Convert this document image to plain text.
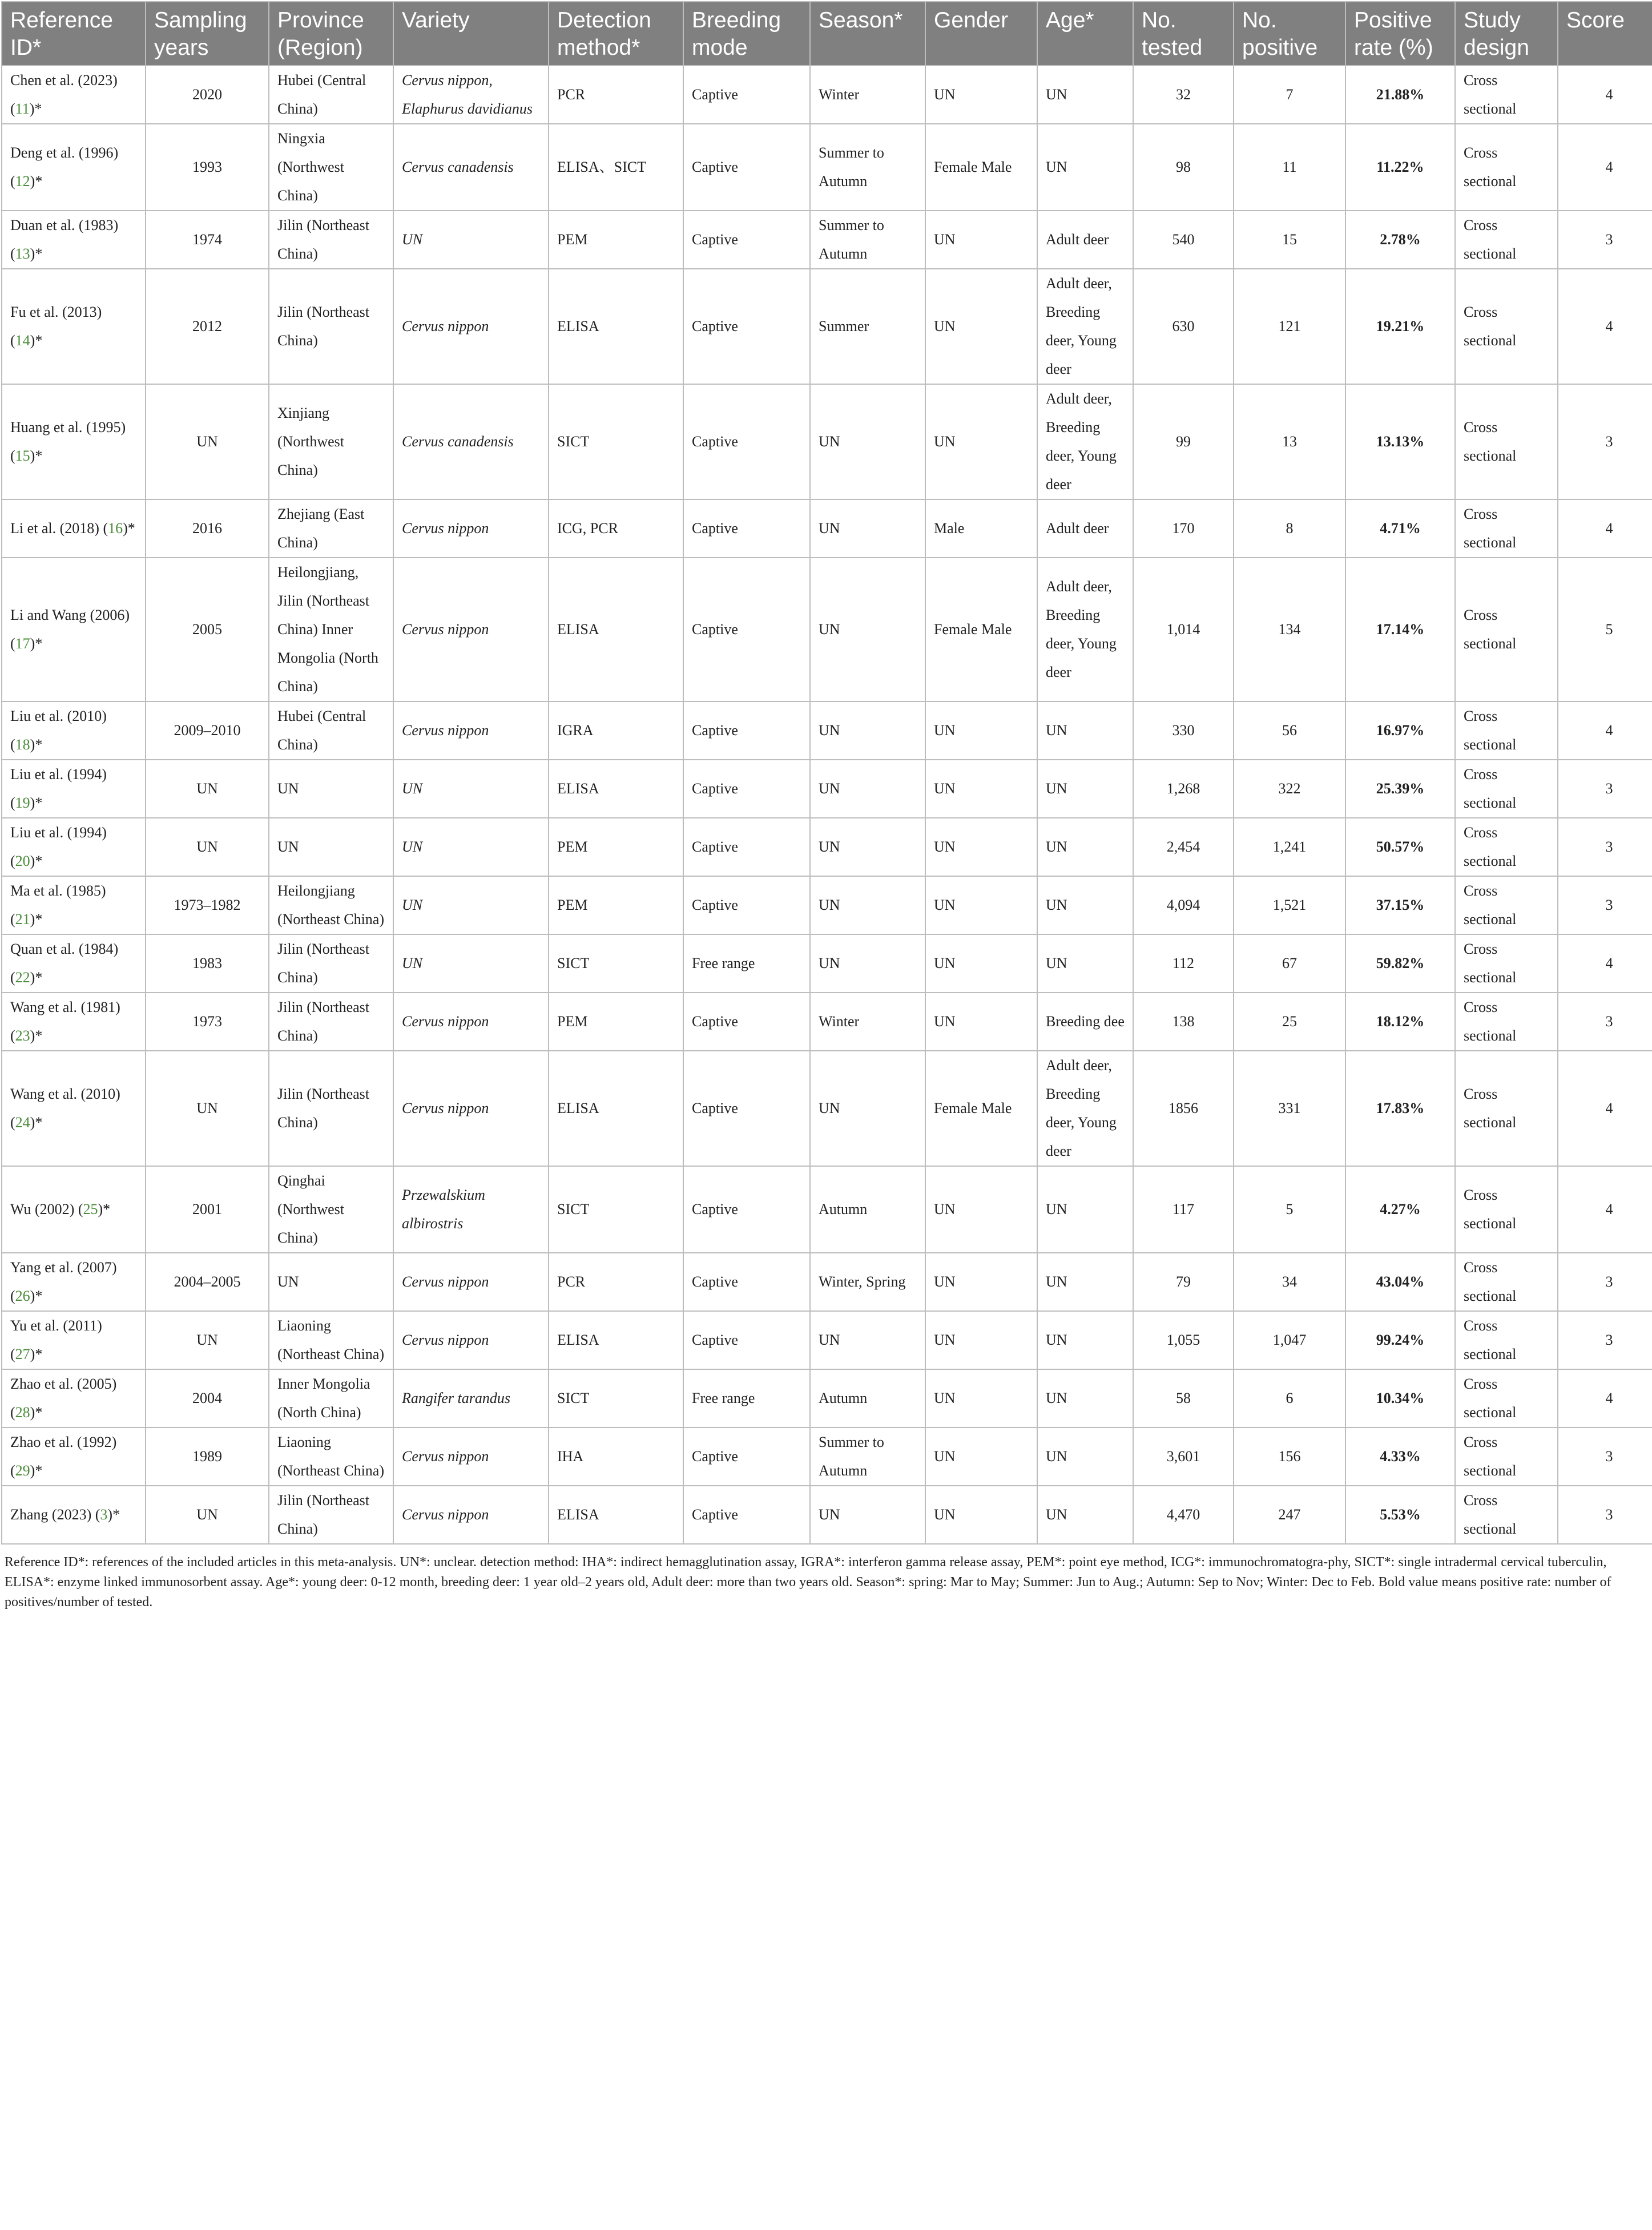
Reference ID*	Sampling years	Province (Region)	Variety	Detection method*	Breeding mode	Season*	Gender	Age*	No. tested	No. positive	Positive rate (%)	Study design	Score
Chen et al. (2023) (11)*	2020	Hubei (Central China)	Cervus nippon, Elaphurus davidianus	PCR	Captive	Winter	UN	UN	32	7	21.88%	Cross sectional	4
Deng et al. (1996) (12)*	1993	Ningxia (Northwest China)	Cervus canadensis	ELISA、SICT	Captive	Summer to Autumn	Female Male	UN	98	11	11.22%	Cross sectional	4
Duan et al. (1983) (13)*	1974	Jilin (Northeast China)	UN	PEM	Captive	Summer to Autumn	UN	Adult deer	540	15	2.78%	Cross sectional	3
Fu et al. (2013) (14)*	2012	Jilin (Northeast China)	Cervus nippon	ELISA	Captive	Summer	UN	Adult deer, Breeding deer, Young deer	630	121	19.21%	Cross sectional	4
Huang et al. (1995) (15)*	UN	Xinjiang (Northwest China)	Cervus canadensis	SICT	Captive	UN	UN	Adult deer, Breeding deer, Young deer	99	13	13.13%	Cross sectional	3
Li et al. (2018) (16)*	2016	Zhejiang (East China)	Cervus nippon	ICG, PCR	Captive	UN	Male	Adult deer	170	8	4.71%	Cross sectional	4
Li and Wang (2006) (17)*	2005	Heilongjiang, Jilin (Northeast China) Inner Mongolia (North China)	Cervus nippon	ELISA	Captive	UN	Female Male	Adult deer, Breeding deer, Young deer	1,014	134	17.14%	Cross sectional	5
Liu et al. (2010) (18)*	2009–2010	Hubei (Central China)	Cervus nippon	IGRA	Captive	UN	UN	UN	330	56	16.97%	Cross sectional	4
Liu et al. (1994) (19)*	UN	UN	UN	ELISA	Captive	UN	UN	UN	1,268	322	25.39%	Cross sectional	3
Liu et al. (1994) (20)*	UN	UN	UN	PEM	Captive	UN	UN	UN	2,454	1,241	50.57%	Cross sectional	3
Ma et al. (1985) (21)*	1973–1982	Heilongjiang (Northeast China)	UN	PEM	Captive	UN	UN	UN	4,094	1,521	37.15%	Cross sectional	3
Quan et al. (1984) (22)*	1983	Jilin (Northeast China)	UN	SICT	Free range	UN	UN	UN	112	67	59.82%	Cross sectional	4
Wang et al. (1981) (23)*	1973	Jilin (Northeast China)	Cervus nippon	PEM	Captive	Winter	UN	Breeding dee	138	25	18.12%	Cross sectional	3
Wang et al. (2010) (24)*	UN	Jilin (Northeast China)	Cervus nippon	ELISA	Captive	UN	Female Male	Adult deer, Breeding deer, Young deer	1856	331	17.83%	Cross sectional	4
Wu (2002) (25)*	2001	Qinghai (Northwest China)	Przewalskium albirostris	SICT	Captive	Autumn	UN	UN	117	5	4.27%	Cross sectional	4
Yang et al. (2007) (26)*	2004–2005	UN	Cervus nippon	PCR	Captive	Winter, Spring	UN	UN	79	34	43.04%	Cross sectional	3
Yu et al. (2011) (27)*	UN	Liaoning (Northeast China)	Cervus nippon	ELISA	Captive	UN	UN	UN	1,055	1,047	99.24%	Cross sectional	3
Zhao et al. (2005) (28)*	2004	Inner Mongolia (North China)	Rangifer tarandus	SICT	Free range	Autumn	UN	UN	58	6	10.34%	Cross sectional	4
Zhao et al. (1992) (29)*	1989	Liaoning (Northeast China)	Cervus nippon	IHA	Captive	Summer to Autumn	UN	UN	3,601	156	4.33%	Cross sectional	3
Zhang (2023) (3)*	UN	Jilin (Northeast China)	Cervus nippon	ELISA	Captive	UN	UN	UN	4,470	247	5.53%	Cross sectional	3
Reference ID*: references of the included articles in this meta-analysis. UN*: unclear. detection method: IHA*: indirect hemagglutination assay, IGRA*: interferon gamma release assay, PEM*: point eye method, ICG*: immunochromatogra-phy, SICT*: single intradermal cervical tuberculin, ELISA*: enzyme linked immunosorbent assay. Age*: young deer: 0-12 month, breeding deer: 1 year old–2 years old, Adult deer: more than two years old. Season*: spring: Mar to May; Summer: Jun to Aug.; Autumn: Sep to Nov; Winter: Dec to Feb. Bold value means positive rate: number of positives/number of tested.
